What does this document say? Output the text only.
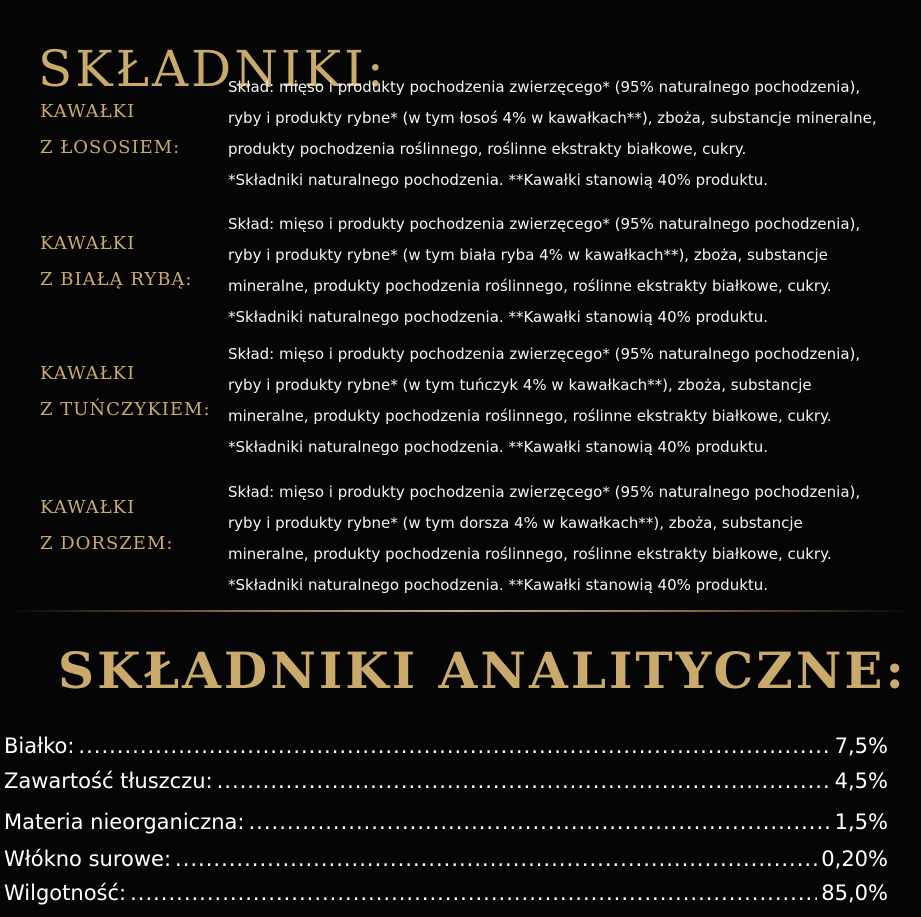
SKŁADNIKI:
KAWAŁKI
Z ŁOSOSIEM:
Skład: mięso i produkty pochodzenia zwierzęcego* (95% naturalnego pochodzenia),
ryby i produkty rybne* (w tym łosoś 4% w kawałkach**), zboża, substancje mineralne,
produkty pochodzenia roślinnego, roślinne ekstrakty białkowe, cukry.
*Składniki naturalnego pochodzenia. **Kawałki stanowią 40% produktu.
KAWAŁKI
Z BIAŁĄ RYBĄ:
Skład: mięso i produkty pochodzenia zwierzęcego* (95% naturalnego pochodzenia),
ryby i produkty rybne* (w tym biała ryba 4% w kawałkach**), zboża, substancje
mineralne, produkty pochodzenia roślinnego, roślinne ekstrakty białkowe, cukry.
*Składniki naturalnego pochodzenia. **Kawałki stanowią 40% produktu.
KAWAŁKI
Z TUŃCZYKIEM:
Skład: mięso i produkty pochodzenia zwierzęcego* (95% naturalnego pochodzenia),
ryby i produkty rybne* (w tym tuńczyk 4% w kawałkach**), zboża, substancje
mineralne, produkty pochodzenia roślinnego, roślinne ekstrakty białkowe, cukry.
*Składniki naturalnego pochodzenia. **Kawałki stanowią 40% produktu.
KAWAŁKI
Z DORSZEM:
Skład: mięso i produkty pochodzenia zwierzęcego* (95% naturalnego pochodzenia),
ryby i produkty rybne* (w tym dorsza 4% w kawałkach**), zboża, substancje
mineralne, produkty pochodzenia roślinnego, roślinne ekstrakty białkowe, cukry.
*Składniki naturalnego pochodzenia. **Kawałki stanowią 40% produktu.
SKŁADNIKI ANALITYCZNE:
Białko: .....	7,5%
Zawartość tłuszczu: .....	4,5%
Materia nieorganiczna: .....	1,5%
Włókno surowe: .....	0,20%
Wilgotność: .....	85,0%
